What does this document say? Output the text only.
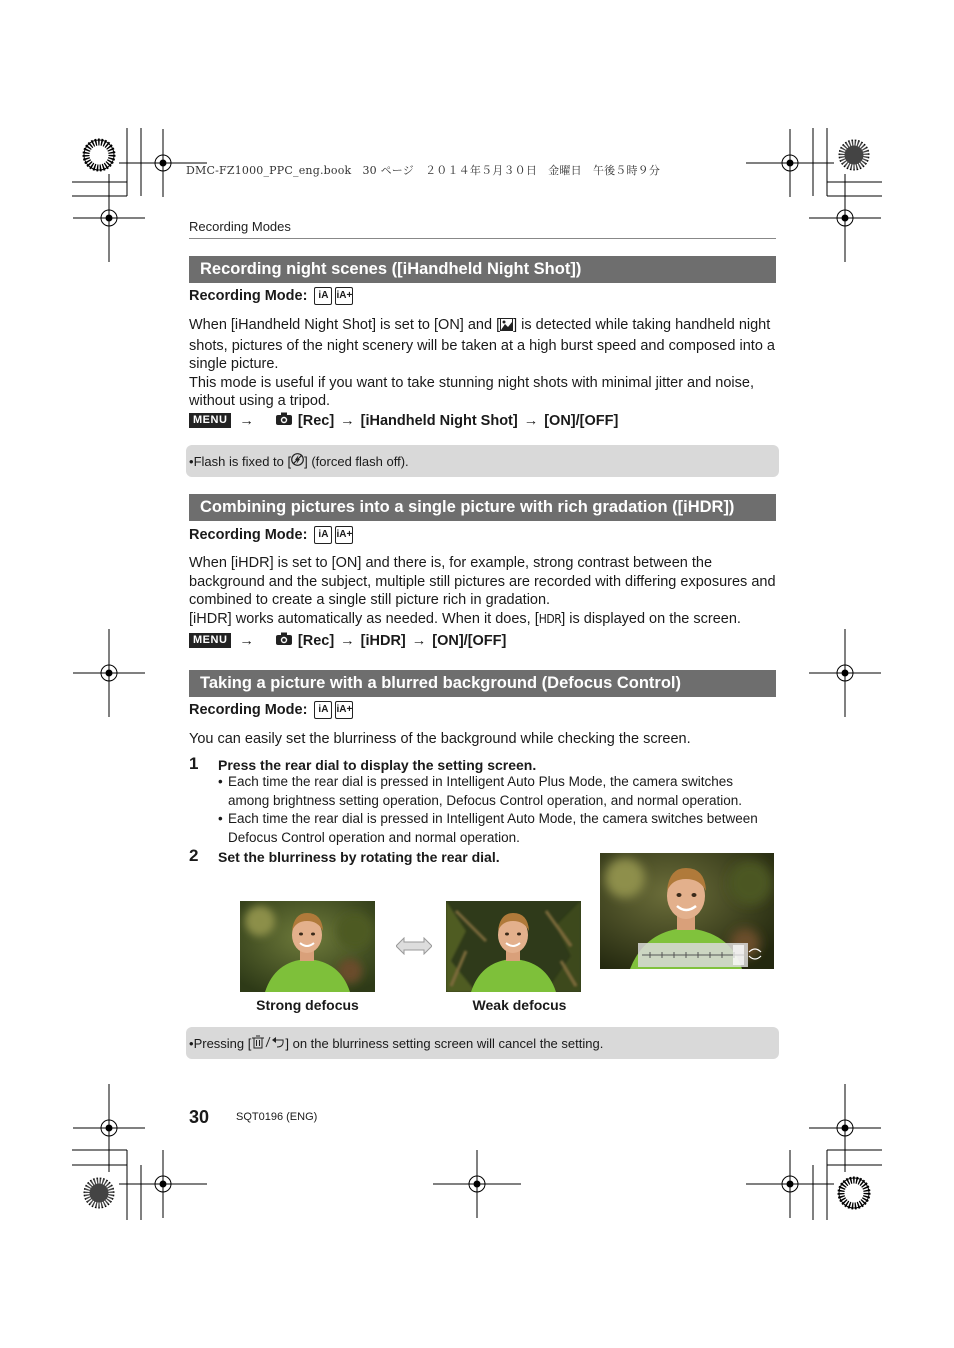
DMC-FZ1000_PPC_eng.book 30 ページ ２０１４年５月３０日 金曜日 午後５時９分
Recording Modes
Recording night scenes ([iHandheld Night Shot])
Recording Mode:	iA iA+

When [iHandheld Night Shot] is set to [ON] and [ ] is detected while taking handheld night shots, pictures of the night scenery will be taken at a high burst speed and composed into a single picture.

This mode is useful if you want to take stunning night shots with minimal jitter and noise, without using a tripod.

MENU →	[Rec] → [iHandheld Night Shot] → [ON]/[OFF]
• Flash is fixed to [ ] (forced flash off).
Combining pictures into a single picture with rich gradation ([iHDR])
Recording Mode:	iA iA+

When [iHDR] is set to [ON] and there is, for example, strong contrast between the background and the subject, multiple still pictures are recorded with differing exposures and combined to create a single still picture rich in gradation.

[iHDR] works automatically as needed. When it does, [HDR] is displayed on the screen.

MENU →	[Rec] → [iHDR] → [ON]/[OFF]
Taking a picture with a blurred background (Defocus Control)
Recording Mode:	iA iA+
You can easily set the blurriness of the background while checking the screen.
1 Press the rear dial to display the setting screen.
• Each time the rear dial is pressed in Intelligent Auto Plus Mode, the camera switches among brightness setting operation, Defocus Control operation, and normal operation.
• Each time the rear dial is pressed in Intelligent Auto Mode, the camera switches between Defocus Control operation and normal operation.
2 Set the blurriness by rotating the rear dial.
Strong defocus	Weak defocus
• Pressing [	] on the blurriness setting screen will cancel the setting.
30 SQT0196 (ENG)
